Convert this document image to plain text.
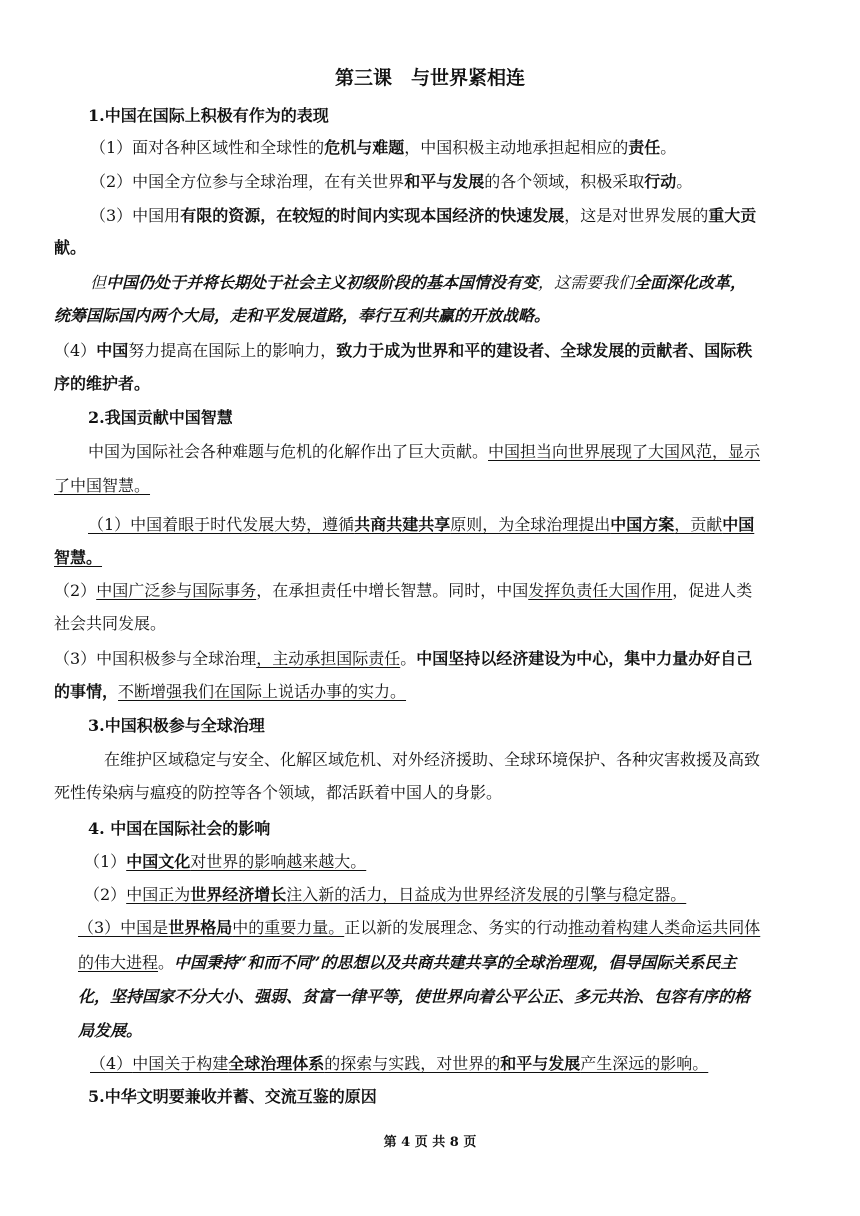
第三课　与世界紧相连
1.中国在国际上积极有作为的表现
（1）面对各种区域性和全球性的危机与难题，中国积极主动地承担起相应的责任。
（2）中国全方位参与全球治理，在有关世界和平与发展的各个领域，积极采取行动。
（3）中国用有限的资源，在较短的时间内实现本国经济的快速发展，这是对世界发展的重大贡
献。
但中国仍处于并将长期处于社会主义初级阶段的基本国情没有变，这需要我们全面深化改革，
统筹国际国内两个大局，走和平发展道路，奉行互利共赢的开放战略。
（4）中国努力提高在国际上的影响力，致力于成为世界和平的建设者、全球发展的贡献者、国际秩
序的维护者。
2.我国贡献中国智慧
中国为国际社会各种难题与危机的化解作出了巨大贡献。中国担当向世界展现了大国风范，显示
了中国智慧。
（1）中国着眼于时代发展大势，遵循共商共建共享原则，为全球治理提出中国方案，贡献中国
智慧。
（2）中国广泛参与国际事务，在承担责任中增长智慧。同时，中国发挥负责任大国作用，促进人类
社会共同发展。
（3）中国积极参与全球治理，主动承担国际责任。中国坚持以经济建设为中心，集中力量办好自己
的事情，不断增强我们在国际上说话办事的实力。
3.中国积极参与全球治理
在维护区域稳定与安全、化解区域危机、对外经济援助、全球环境保护、各种灾害救援及高致
死性传染病与瘟疫的防控等各个领域，都活跃着中国人的身影。
4. 中国在国际社会的影响
（1）中国文化对世界的影响越来越大。
（2）中国正为世界经济增长注入新的活力，日益成为世界经济发展的引擎与稳定器。
（3）中国是世界格局中的重要力量。正以新的发展理念、务实的行动推动着构建人类命运共同体
的伟大进程。中国秉持“和而不同”的思想以及共商共建共享的全球治理观，倡导国际关系民主
化，坚持国家不分大小、强弱、贫富一律平等，使世界向着公平公正、多元共治、包容有序的格
局发展。
（4）中国关于构建全球治理体系的探索与实践，对世界的和平与发展产生深远的影响。
5.中华文明要兼收并蓄、交流互鉴的原因
第 4 页 共 8 页
